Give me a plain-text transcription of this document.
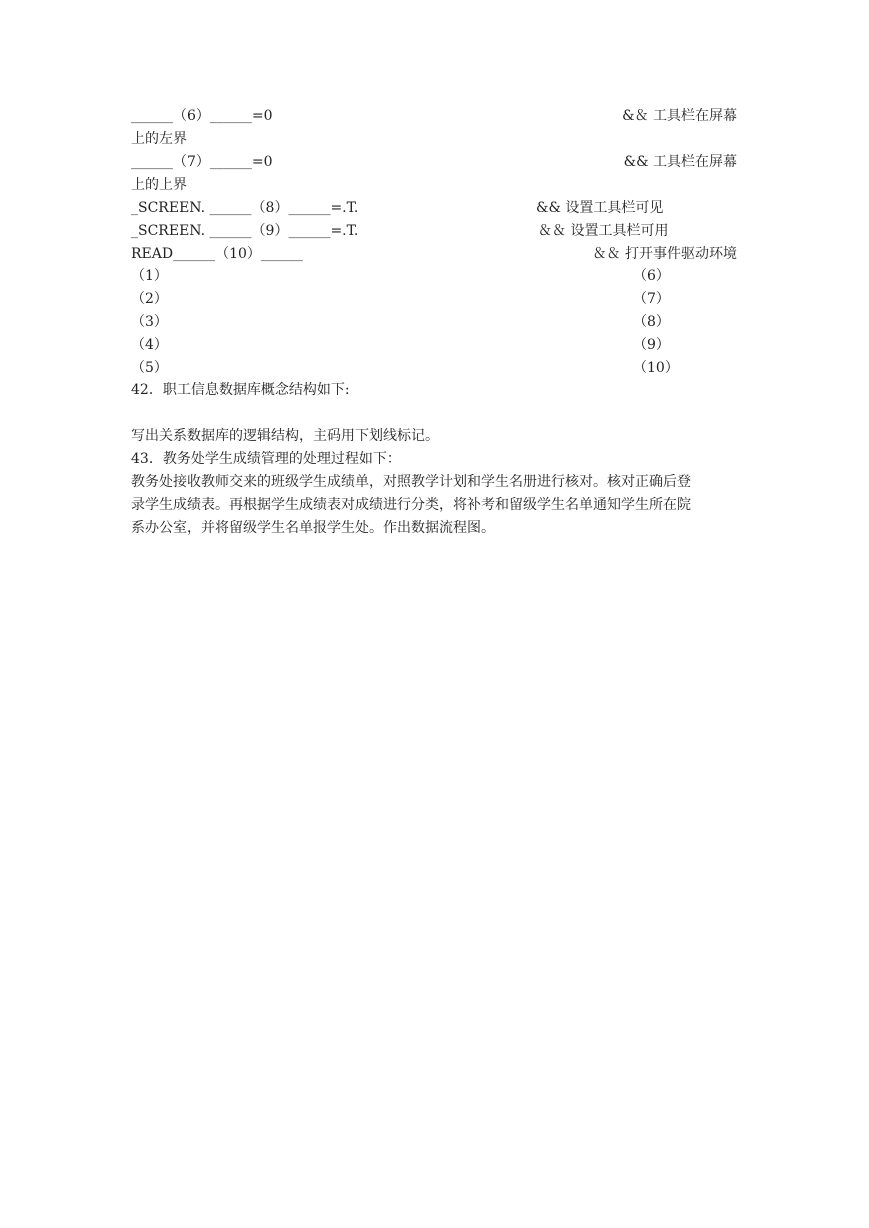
______（6）______=0	&＆ 工具栏在屏幕
上的左界
______（7）______=0	&& 工具栏在屏幕
上的上界
_SCREEN. ______（8）______=.T.	&& 设置工具栏可见
_SCREEN. ______（9）______=.T.	＆＆ 设置工具栏可用
READ______（10）______	＆＆ 打开事件驱动环境
（1）	（6）
（2）	（7）
（3）	（8）
（4）	（9）
（5）	（10）
42．职工信息数据库概念结构如下:
写出关系数据库的逻辑结构，主码用下划线标记。
43．教务处学生成绩管理的处理过程如下：
教务处接收教师交来的班级学生成绩单，对照教学计划和学生名册进行核对。核对正确后登
录学生成绩表。再根据学生成绩表对成绩进行分类，将补考和留级学生名单通知学生所在院
系办公室，并将留级学生名单报学生处。作出数据流程图。
